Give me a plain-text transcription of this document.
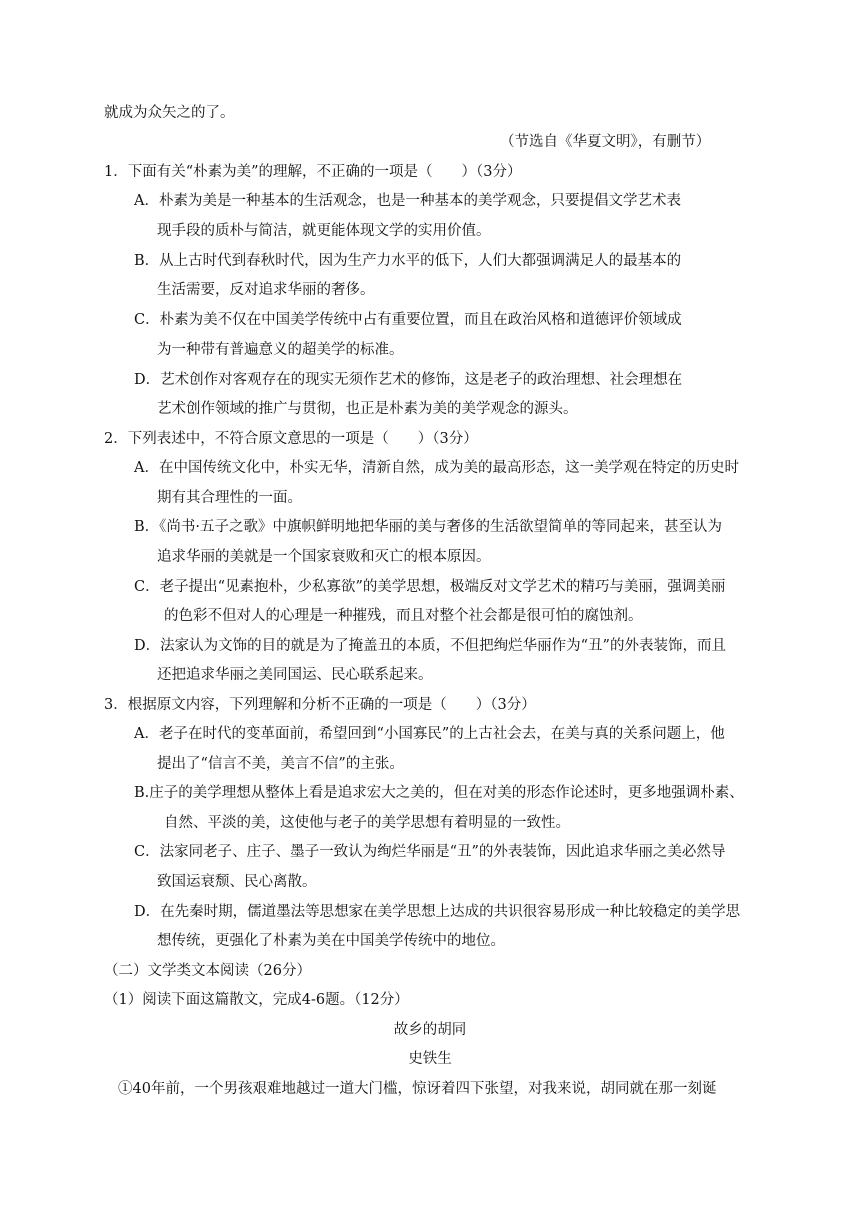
就成为众矢之的了。
（节选自《华夏文明》，有删节）
1．下面有关“朴素为美”的理解，不正确的一项是（　　）（3分）
A．朴素为美是一种基本的生活观念，也是一种基本的美学观念，只要提倡文学艺术表
现手段的质朴与简洁，就更能体现文学的实用价值。
B．从上古时代到春秋时代，因为生产力水平的低下，人们大都强调满足人的最基本的
生活需要，反对追求华丽的奢侈。
C．朴素为美不仅在中国美学传统中占有重要位置，而且在政治风格和道德评价领域成
为一种带有普遍意义的超美学的标准。
D．艺术创作对客观存在的现实无须作艺术的修饰，这是老子的政治理想、社会理想在
艺术创作领域的推广与贯彻，也正是朴素为美的美学观念的源头。
2．下列表述中，不符合原文意思的一项是（　　）（3分）
A．在中国传统文化中，朴实无华，清新自然，成为美的最高形态，这一美学观在特定的历史时
期有其合理性的一面。
B．《尚书·五子之歌》中旗帜鲜明地把华丽的美与奢侈的生活欲望简单的等同起来，甚至认为
追求华丽的美就是一个国家衰败和灭亡的根本原因。
C．老子提出“见素抱朴，少私寡欲”的美学思想，极端反对文学艺术的精巧与美丽，强调美丽
的色彩不但对人的心理是一种摧残，而且对整个社会都是很可怕的腐蚀剂。
D．法家认为文饰的目的就是为了掩盖丑的本质，不但把绚烂华丽作为“丑”的外表装饰，而且
还把追求华丽之美同国运、民心联系起来。
3．根据原文内容，下列理解和分析不正确的一项是（　　）（3分）
A．老子在时代的变革面前，希望回到“小国寡民”的上古社会去，在美与真的关系问题上，他
提出了“信言不美，美言不信”的主张。
B.庄子的美学理想从整体上看是追求宏大之美的，但在对美的形态作论述时，更多地强调朴素、
自然、平淡的美，这使他与老子的美学思想有着明显的一致性。
C．法家同老子、庄子、墨子一致认为绚烂华丽是“丑”的外表装饰，因此追求华丽之美必然导
致国运衰颓、民心离散。
D．在先秦时期，儒道墨法等思想家在美学思想上达成的共识很容易形成一种比较稳定的美学思
想传统，更强化了朴素为美在中国美学传统中的地位。
（二）文学类文本阅读（26分）
（1）阅读下面这篇散文，完成4-6题。（12分）
故乡的胡同
史铁生
①40年前，一个男孩艰难地越过一道大门槛，惊讶着四下张望，对我来说，胡同就在那一刻诞
